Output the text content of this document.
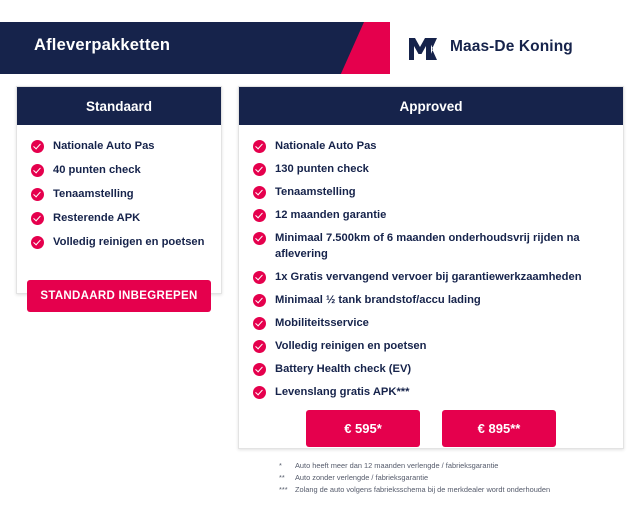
Maas-De Koning
Afleverpakketten
Standaard
Nationale Auto Pas
40 punten check
Tenaamstelling
Resterende APK
Volledig reinigen en poetsen
STANDAARD INBEGREPEN
Approved
Nationale Auto Pas
130 punten check
Tenaamstelling
12 maanden garantie
Minimaal 7.500km of 6 maanden onderhoudsvrij rijden na aflevering
1x Gratis vervangend vervoer bij garantiewerkzaamheden
Minimaal ½ tank brandstof/accu lading
Mobiliteitsservice
Volledig reinigen en poetsen
Battery Health check (EV)
Levenslang gratis APK***
€ 595*	€ 895**
*	Auto heeft meer dan 12 maanden verlengde / fabrieksgarantie
**	Auto zonder verlengde / fabrieksgarantie
*** Zolang de auto volgens fabrieksschema bij de merkdealer wordt onderhouden
